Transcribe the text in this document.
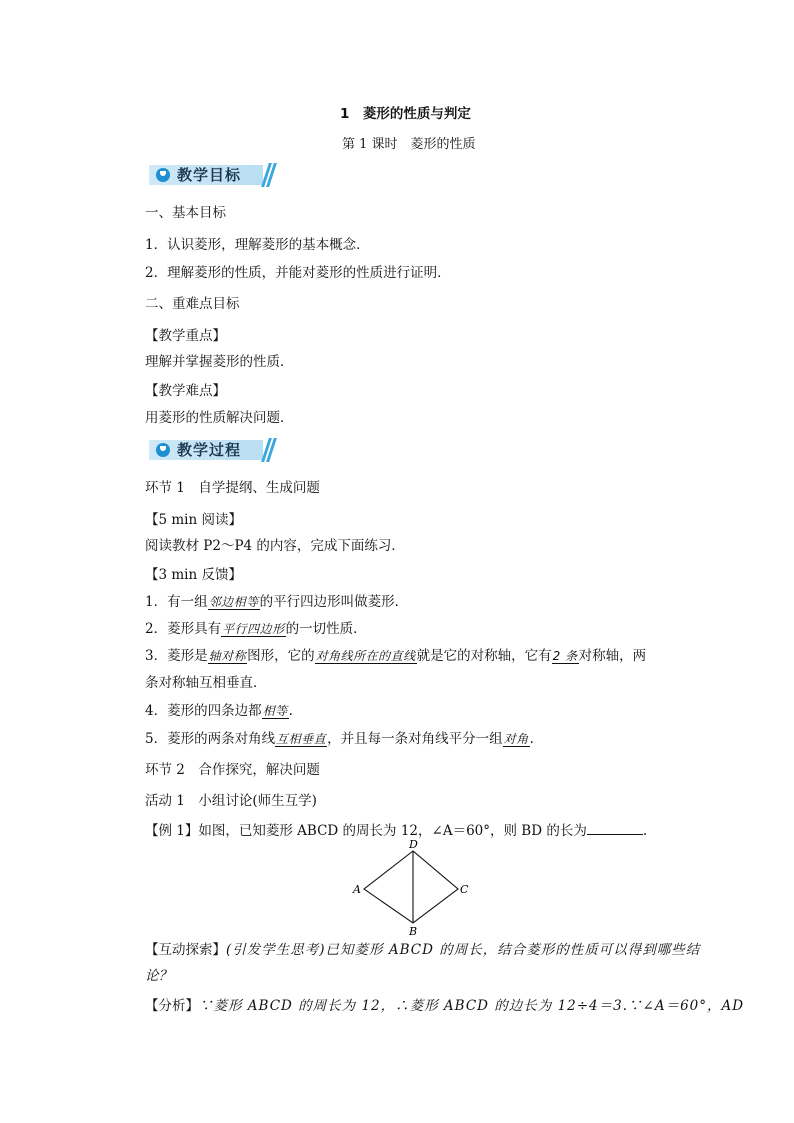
1　菱形的性质与判定
第 1 课时　菱形的性质
教学目标
一、基本目标
1．认识菱形，理解菱形的基本概念．
2．理解菱形的性质，并能对菱形的性质进行证明．
二、重难点目标
【教学重点】
理解并掌握菱形的性质．
【教学难点】
用菱形的性质解决问题．
教学过程
环节 1　自学提纲、生成问题
【5 min 阅读】
阅读教材 P2～P4 的内容，完成下面练习．
【3 min 反馈】
1．有一组邻边相等的平行四边形叫做菱形．
2．菱形具有平行四边形的一切性质．
3．菱形是轴对称图形，它的对角线所在的直线就是它的对称轴，它有2 条对称轴，两
条对称轴互相垂直．
4．菱形的四条边都相等.
5．菱形的两条对角线互相垂直，并且每一条对角线平分一组对角.
环节 2　合作探究，解决问题
活动 1　小组讨论(师生互学)
【例 1】如图，已知菱形 ABCD 的周长为 12，∠A＝60°，则 BD 的长为	.
D
A	C
B
【互动探索】(引发学生思考)已知菱形 ABCD 的周长，结合菱形的性质可以得到哪些结
论？
【分析】∵菱形 ABCD 的周长为 12，∴菱形 ABCD 的边长为 12÷4＝3.∵∠A＝60°，AD
